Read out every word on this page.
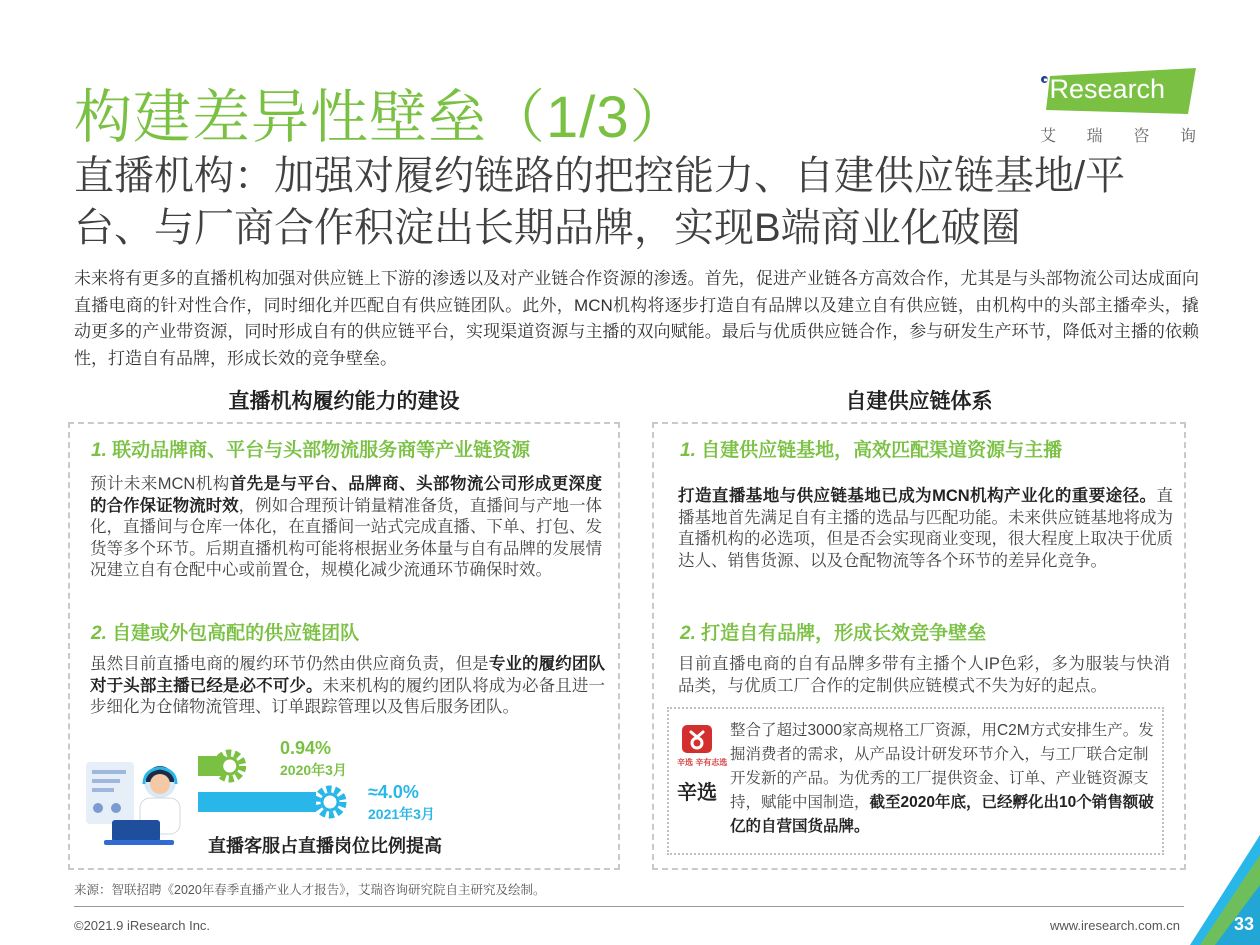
构建差异性壁垒（1/3）	iResearch
艾 瑞 咨 询
直播机构：加强对履约链路的把控能力、自建供应链基地/平台、与厂商合作积淀出长期品牌，实现B端商业化破圈
未来将有更多的直播机构加强对供应链上下游的渗透以及对产业链合作资源的渗透。首先，促进产业链各方高效合作，尤其是与头部物流公司达成面向直播电商的针对性合作，同时细化并匹配自有供应链团队。此外，MCN机构将逐步打造自有品牌以及建立自有供应链，由机构中的头部主播牵头，撬动更多的产业带资源，同时形成自有的供应链平台，实现渠道资源与主播的双向赋能。最后与优质供应链合作，参与研发生产环节，降低对主播的依赖性，打造自有品牌，形成长效的竞争壁垒。
直播机构履约能力的建设
1. 联动品牌商、平台与头部物流服务商等产业链资源
预计未来MCN机构首先是与平台、品牌商、头部物流公司形成更深度的合作保证物流时效，例如合理预计销量精准备货，直播间与产地一体化，直播间与仓库一体化，在直播间一站式完成直播、下单、打包、发货等多个环节。后期直播机构可能将根据业务体量与自有品牌的发展情况建立自有仓配中心或前置仓，规模化减少流通环节确保时效。
2. 自建或外包高配的供应链团队
虽然目前直播电商的履约环节仍然由供应商负责，但是专业的履约团队对于头部主播已经是必不可少。未来机构的履约团队将成为必备且进一步细化为仓储物流管理、订单跟踪管理以及售后服务团队。
0.94%
2020年3月
≈4.0%
2021年3月
直播客服占直播岗位比例提高
自建供应链体系
1. 自建供应链基地，高效匹配渠道资源与主播
打造直播基地与供应链基地已成为MCN机构产业化的重要途径。直播基地首先满足自有主播的选品与匹配功能。未来供应链基地将成为直播机构的必选项，但是否会实现商业变现，很大程度上取决于优质达人、销售货源、以及仓配物流等各个环节的差异化竞争。
2. 打造自有品牌，形成长效竞争壁垒
目前直播电商的自有品牌多带有主播个人IP色彩，多为服装与快消品类，与优质工厂合作的定制供应链模式不失为好的起点。
辛选 辛有志选
辛选
整合了超过3000家高规格工厂资源，用C2M方式安排生产。发掘消费者的需求，从产品设计研发环节介入，与工厂联合定制开发新的产品。为优秀的工厂提供资金、订单、产业链资源支持，赋能中国制造，截至2020年底，已经孵化出10个销售额破亿的自营国货品牌。
来源：智联招聘《2020年春季直播产业人才报告》，艾瑞咨询研究院自主研究及绘制。
©2021.9 iResearch Inc.	www.iresearch.com.cn	33
